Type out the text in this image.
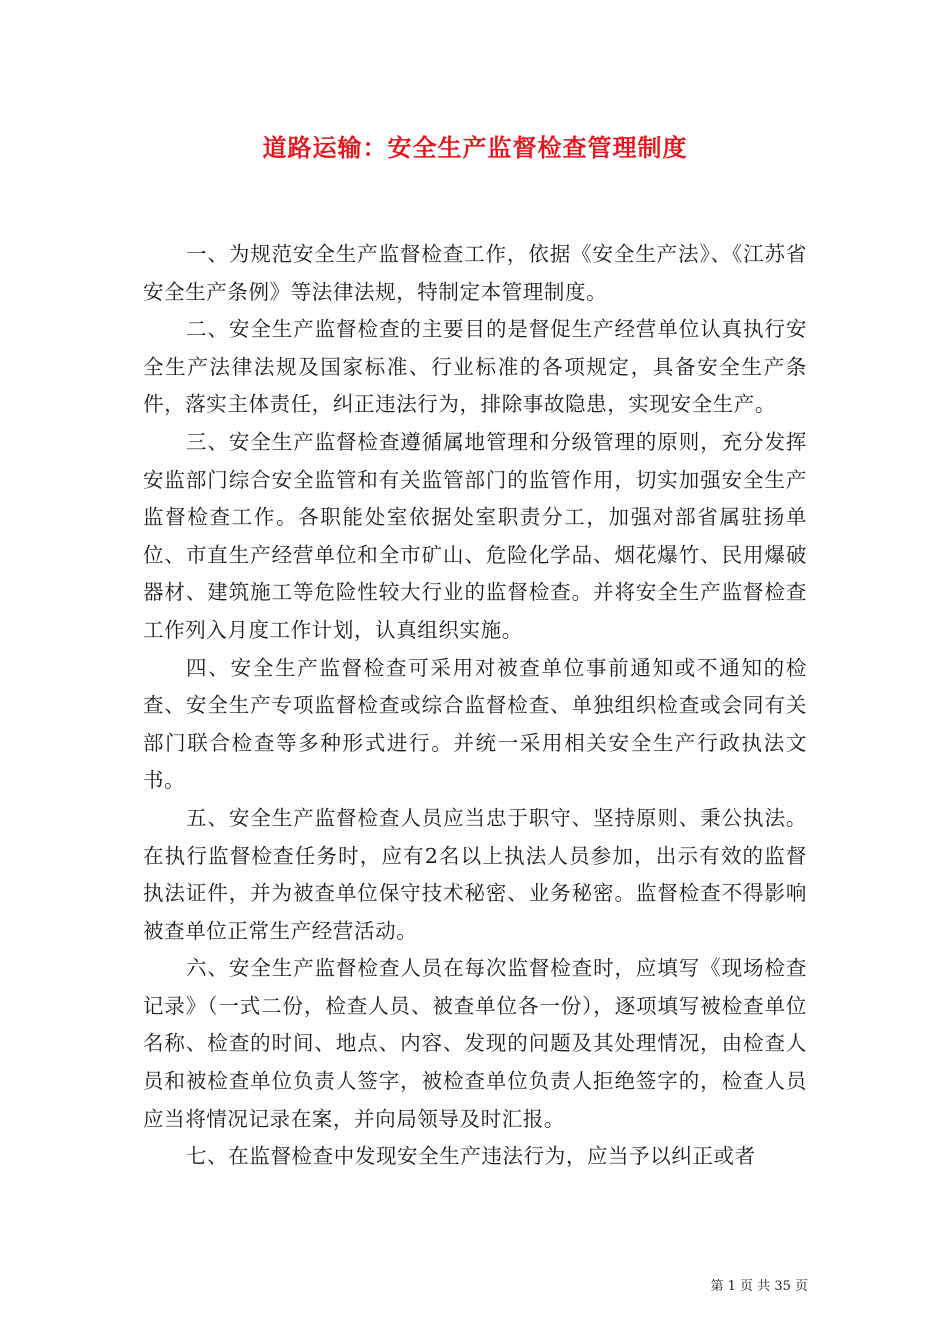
道路运输：安全生产监督检查管理制度

一、为规范安全生产监督检查工作，依据《安全生产法》、《江苏省安全生产条例》等法律法规，特制定本管理制度。

二、安全生产监督检查的主要目的是督促生产经营单位认真执行安全生产法律法规及国家标准、行业标准的各项规定，具备安全生产条件，落实主体责任，纠正违法行为，排除事故隐患，实现安全生产。

三、安全生产监督检查遵循属地管理和分级管理的原则，充分发挥安监部门综合安全监管和有关监管部门的监管作用，切实加强安全生产监督检查工作。各职能处室依据处室职责分工，加强对部省属驻扬单位、市直生产经营单位和全市矿山、危险化学品、烟花爆竹、民用爆破器材、建筑施工等危险性较大行业的监督检查。并将安全生产监督检查工作列入月度工作计划，认真组织实施。

四、安全生产监督检查可采用对被查单位事前通知或不通知的检查、安全生产专项监督检查或综合监督检查、单独组织检查或会同有关部门联合检查等多种形式进行。并统一采用相关安全生产行政执法文书。

五、安全生产监督检查人员应当忠于职守、坚持原则、秉公执法。在执行监督检查任务时，应有2名以上执法人员参加，出示有效的监督执法证件，并为被查单位保守技术秘密、业务秘密。监督检查不得影响被查单位正常生产经营活动。

六、安全生产监督检查人员在每次监督检查时，应填写《现场检查记录》（一式二份，检查人员、被查单位各一份），逐项填写被检查单位名称、检查的时间、地点、内容、发现的问题及其处理情况，由检查人员和被检查单位负责人签字，被检查单位负责人拒绝签字的，检查人员应当将情况记录在案，并向局领导及时汇报。

七、在监督检查中发现安全生产违法行为，应当予以纠正或者

第 1 页 共 35 页
